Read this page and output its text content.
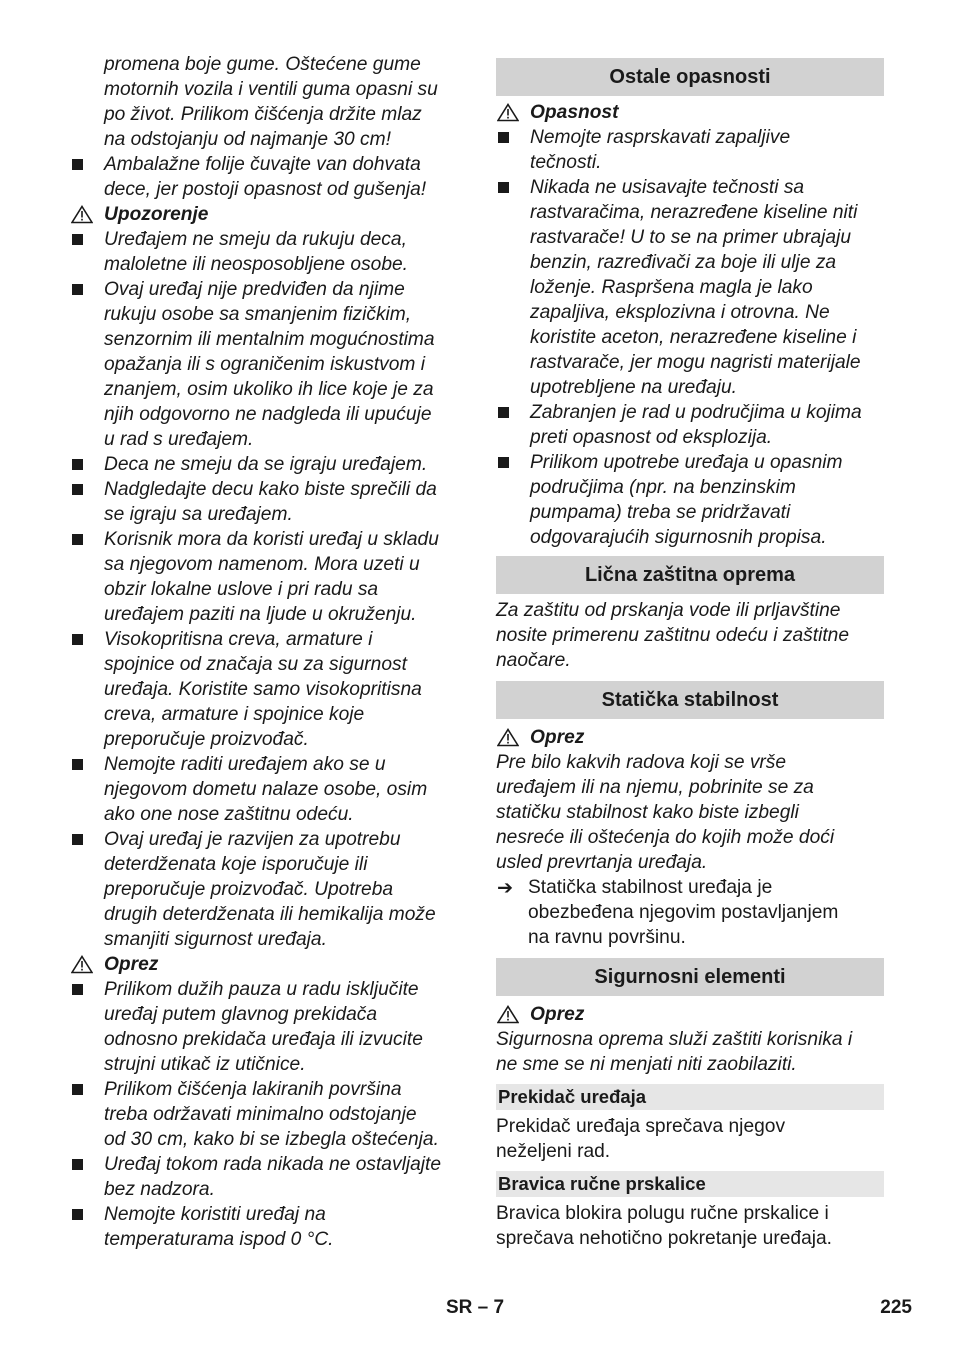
promena boje gume. Oštećene gume
motornih vozila i ventili guma opasni su
po život. Prilikom čišćenja držite mlaz
na odstojanju od najmanje 30 cm!
Ambalažne folije čuvajte van dohvata
dece, jer postoji opasnost od gušenja!
Upozorenje
Uređajem ne smeju da rukuju deca,
maloletne ili neosposobljene osobe.
Ovaj uređaj nije predviđen da njime
rukuju osobe sa smanjenim fizičkim,
senzornim ili mentalnim mogućnostima
opažanja ili s ograničenim iskustvom i
znanjem, osim ukoliko ih lice koje je za
njih odgovorno ne nadgleda ili upućuje
u rad s uređajem.
Deca ne smeju da se igraju uređajem.
Nadgledajte decu kako biste sprečili da
se igraju sa uređajem.
Korisnik mora da koristi uređaj u skladu
sa njegovom namenom. Mora uzeti u
obzir lokalne uslove i pri radu sa
uređajem paziti na ljude u okruženju.
Visokopritisna creva, armature i
spojnice od značaja su za sigurnost
uređaja. Koristite samo visokopritisna
creva, armature i spojnice koje
preporučuje proizvođač.
Nemojte raditi uređajem ako se u
njegovom dometu nalaze osobe, osim
ako one nose zaštitnu odeću.
Ovaj uređaj je razvijen za upotrebu
deterdženata koje isporučuje ili
preporučuje proizvođač. Upotreba
drugih deterdženata ili hemikalija može
smanjiti sigurnost uređaja.
Oprez
Prilikom dužih pauza u radu isključite
uređaj putem glavnog prekidača
odnosno prekidača uređaja ili izvucite
strujni utikač iz utičnice.
Prilikom čišćenja lakiranih površina
treba održavati minimalno odstojanje
od 30 cm, kako bi se izbegla oštećenja.
Uređaj tokom rada nikada ne ostavljajte
bez nadzora.
Nemojte koristiti uređaj na
temperaturama ispod 0 °C.
Ostale opasnosti
Opasnost
Nemojte rasprskavati zapaljive
tečnosti.
Nikada ne usisavajte tečnosti sa
rastvaračima, nerazređene kiseline niti
rastvarače! U to se na primer ubrajaju
benzin, razređivači za boje ili ulje za
loženje. Raspršena magla je lako
zapaljiva, eksplozivna i otrovna. Ne
koristite aceton, nerazređene kiseline i
rastvarače, jer mogu nagristi materijale
upotrebljene na uređaju.
Zabranjen je rad u područjima u kojima
preti opasnost od eksplozija.
Prilikom upotrebe uređaja u opasnim
područjima (npr. na benzinskim
pumpama) treba se pridržavati
odgovarajućih sigurnosnih propisa.
Lična zaštitna oprema
Za zaštitu od prskanja vode ili prljavštine
nosite primerenu zaštitnu odeću i zaštitne
naočare.
Statička stabilnost
Oprez
Pre bilo kakvih radova koji se vrše
uređajem ili na njemu, pobrinite se za
statičku stabilnost kako biste izbegli
nesreće ili oštećenja do kojih može doći
usled prevrtanja uređaja.
➔ Statička stabilnost uređaja je
obezbeđena njegovim postavljanjem
na ravnu površinu.
Sigurnosni elementi
Oprez
Sigurnosna oprema služi zaštiti korisnika i
ne sme se ni menjati niti zaobilaziti.
Prekidač uređaja
Prekidač uređaja sprečava njegov
neželjeni rad.
Bravica ručne prskalice
Bravica blokira polugu ručne prskalice i
sprečava nehotično pokretanje uređaja.
SR – 7	225
